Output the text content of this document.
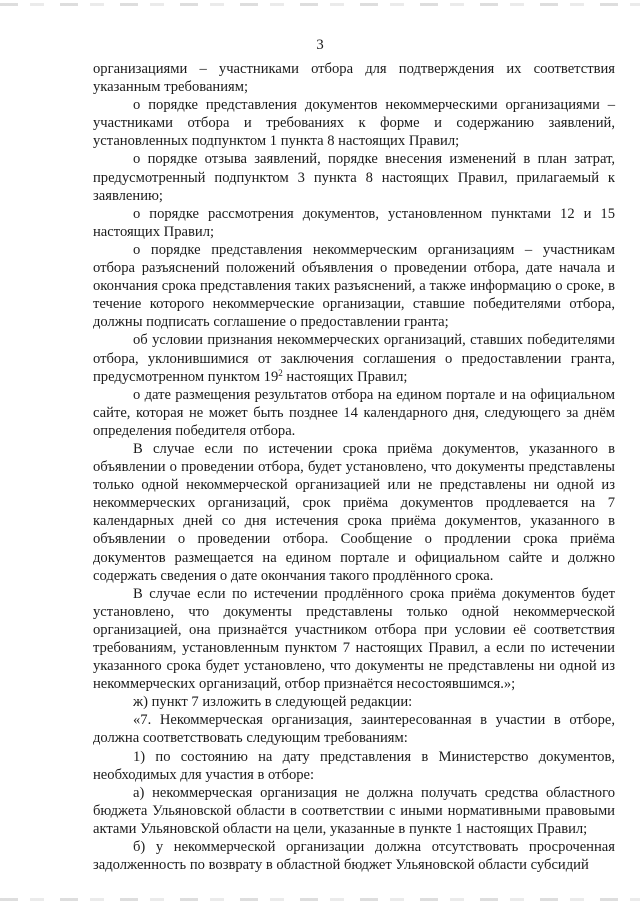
3

организациями – участниками отбора для подтверждения их соответствия указанным требованиям;

о порядке представления документов некоммерческими организациями – участниками отбора и требованиях к форме и содержанию заявлений, установленных подпунктом 1 пункта 8 настоящих Правил;

о порядке отзыва заявлений, порядке внесения изменений в план затрат, предусмотренный подпунктом 3 пункта 8 настоящих Правил, прилагаемый к заявлению;

о порядке рассмотрения документов, установленном пунктами 12 и 15 настоящих Правил;

о порядке представления некоммерческим организациям – участникам отбора разъяснений положений объявления о проведении отбора, дате начала и окончания срока представления таких разъяснений, а также информацию о сроке, в течение которого некоммерческие организации, ставшие победителями отбора, должны подписать соглашение о предоставлении гранта;

об условии признания некоммерческих организаций, ставших победителями отбора, уклонившимися от заключения соглашения о предоставлении гранта, предусмотренном пунктом $19^2$ настоящих Правил;

о дате размещения результатов отбора на едином портале и на официальном сайте, которая не может быть позднее 14 календарного дня, следующего за днём определения победителя отбора.

В случае если по истечении срока приёма документов, указанного в объявлении о проведении отбора, будет установлено, что документы представлены только одной некоммерческой организацией или не представлены ни одной из некоммерческих организаций, срок приёма документов продлевается на 7 календарных дней со дня истечения срока приёма документов, указанного в объявлении о проведении отбора. Сообщение о продлении срока приёма документов размещается на едином портале и официальном сайте и должно содержать сведения о дате окончания такого продлённого срока.

В случае если по истечении продлённого срока приёма документов будет установлено, что документы представлены только одной некоммерческой организацией, она признаётся участником отбора при условии её соответствия требованиям, установленным пунктом 7 настоящих Правил, а если по истечении указанного срока будет установлено, что документы не представлены ни одной из некоммерческих организаций, отбор признаётся несостоявшимся.»;

ж) пункт 7 изложить в следующей редакции:

«7. Некоммерческая организация, заинтересованная в участии в отборе, должна соответствовать следующим требованиям:

1) по состоянию на дату представления в Министерство документов, необходимых для участия в отборе:

а) некоммерческая организация не должна получать средства областного бюджета Ульяновской области в соответствии с иными нормативными правовыми актами Ульяновской области на цели, указанные в пункте 1 настоящих Правил;

б) у некоммерческой организации должна отсутствовать просроченная задолженность по возврату в областной бюджет Ульяновской области субсидий
